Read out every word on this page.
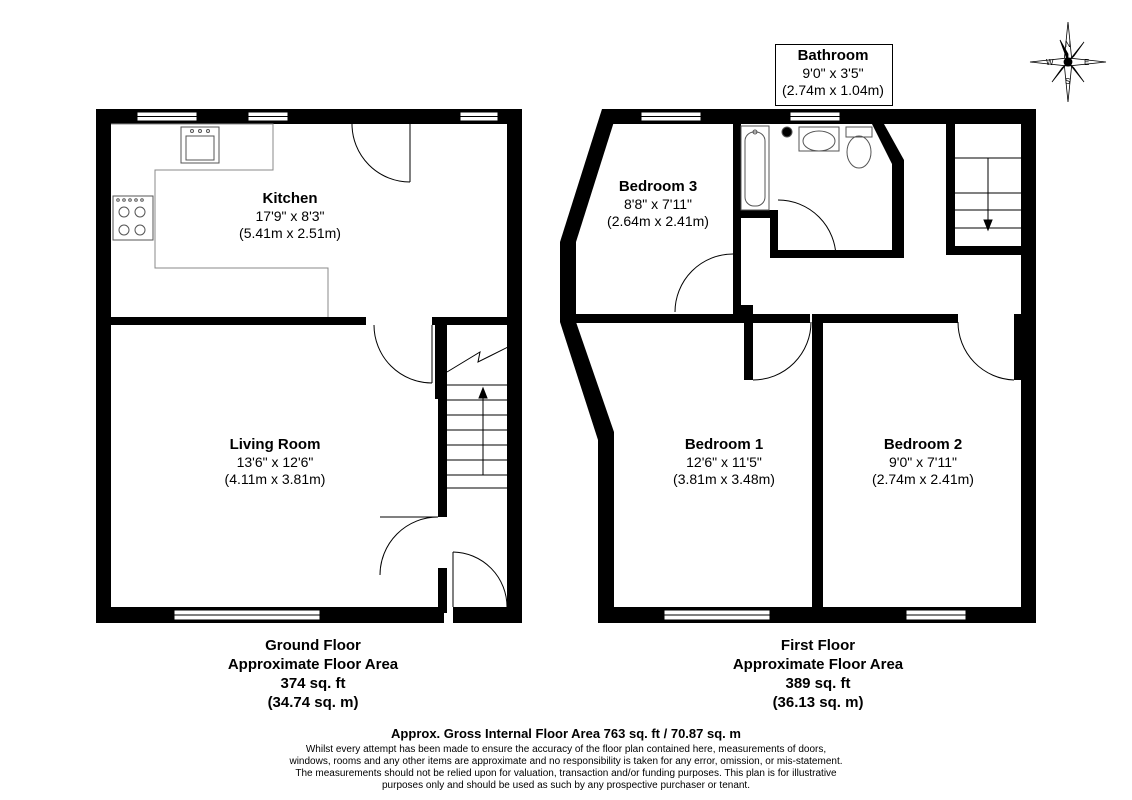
N
S
E
W
Kitchen
17'9" x 8'3"
(5.41m x 2.51m)
Living Room
13'6" x 12'6"
(4.11m x 3.81m)
Bathroom
9'0" x 3'5"
(2.74m x 1.04m)
Bedroom 3
8'8" x 7'11"
(2.64m x 2.41m)
Bedroom 1
12'6" x 11'5"
(3.81m x 3.48m)
Bedroom 2
9'0" x 7'11"
(2.74m x 2.41m)
Ground Floor
Approximate Floor Area
374 sq. ft
(34.74 sq. m)
First Floor
Approximate Floor Area
389 sq. ft
(36.13 sq. m)
Approx. Gross Internal Floor Area 763 sq. ft / 70.87 sq. m
Whilst every attempt has been made to ensure the accuracy of the floor plan contained here, measurements of doors, windows, rooms and any other items are approximate and no responsibility is taken for any error, omission, or mis-statement. The measurements should not be relied upon for valuation, transaction and/or funding purposes. This plan is for illustrative purposes only and should be used as such by any prospective purchaser or tenant.
